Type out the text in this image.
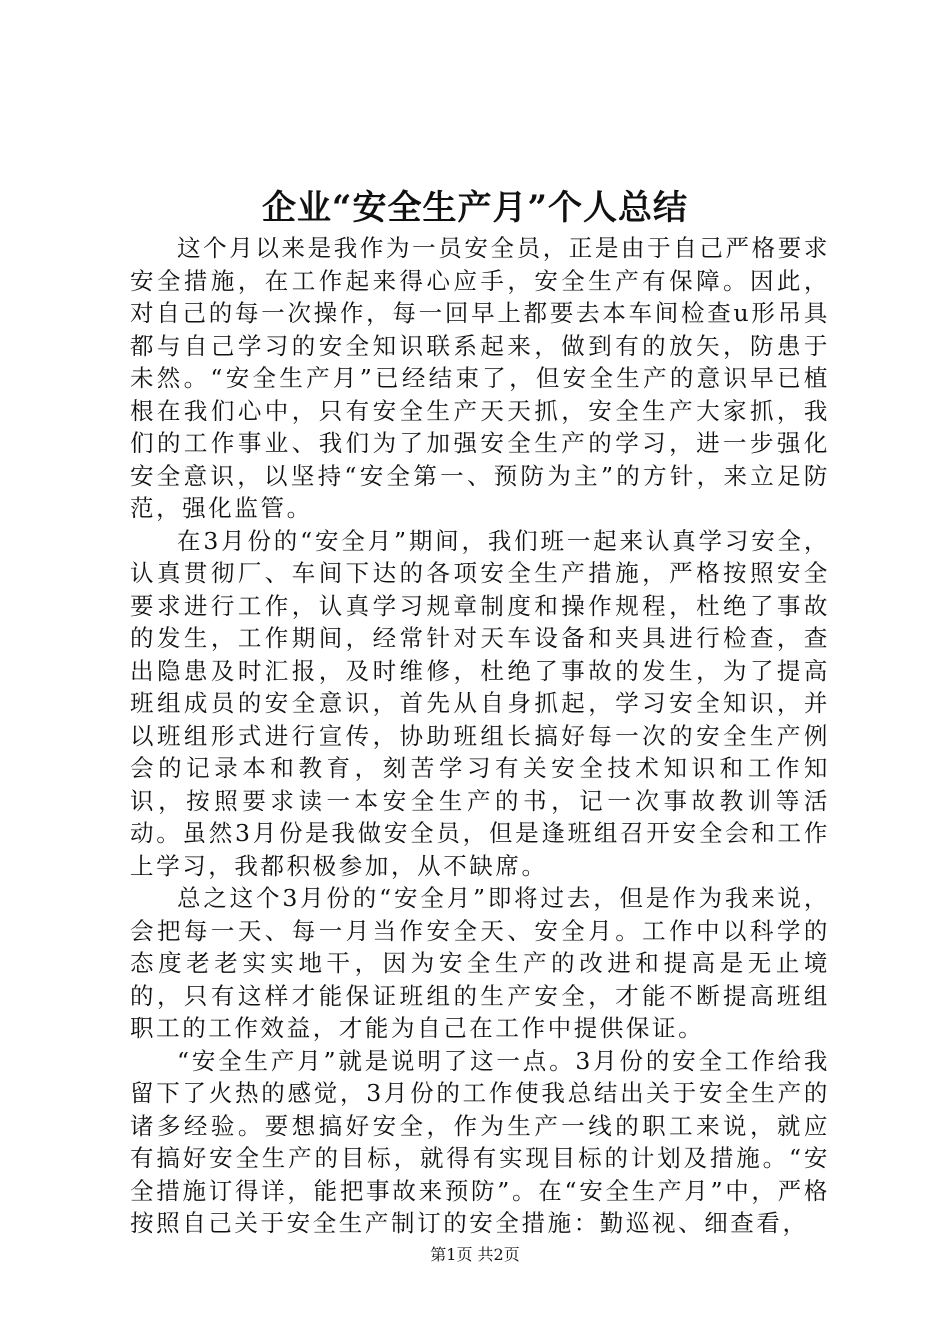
企业“安全生产月”个人总结

这个月以来是我作为一员安全员，正是由于自己严格要求安全措施，在工作起来得心应手，安全生产有保障。因此，对自己的每一次操作，每一回早上都要去本车间检查u形吊具都与自己学习的安全知识联系起来，做到有的放矢，防患于未然。“安全生产月”已经结束了，但安全生产的意识早已植根在我们心中，只有安全生产天天抓，安全生产大家抓，我们的工作事业、我们为了加强安全生产的学习，进一步强化安全意识，以坚持“安全第一、预防为主”的方针，来立足防范，强化监管。

在3月份的“安全月”期间，我们班一起来认真学习安全，认真贯彻厂、车间下达的各项安全生产措施，严格按照安全要求进行工作，认真学习规章制度和操作规程，杜绝了事故的发生，工作期间，经常针对天车设备和夹具进行检查，查出隐患及时汇报，及时维修，杜绝了事故的发生，为了提高班组成员的安全意识，首先从自身抓起，学习安全知识，并以班组形式进行宣传，协助班组长搞好每一次的安全生产例会的记录本和教育，刻苦学习有关安全技术知识和工作知识，按照要求读一本安全生产的书，记一次事故教训等活动。虽然3月份是我做安全员，但是逢班组召开安全会和工作上学习，我都积极参加，从不缺席。

总之这个3月份的“安全月”即将过去，但是作为我来说，会把每一天、每一月当作安全天、安全月。工作中以科学的态度老老实实地干，因为安全生产的改进和提高是无止境的，只有这样才能保证班组的生产安全，才能不断提高班组职工的工作效益，才能为自己在工作中提供保证。

“安全生产月”就是说明了这一点。3月份的安全工作给我留下了火热的感觉，3月份的工作使我总结出关于安全生产的诸多经验。要想搞好安全，作为生产一线的职工来说，就应有搞好安全生产的目标，就得有实现目标的计划及措施。“安全措施订得详，能把事故来预防”。在“安全生产月”中，严格按照自己关于安全生产制订的安全措施：勤巡视、细查看，

第1页 共2页
